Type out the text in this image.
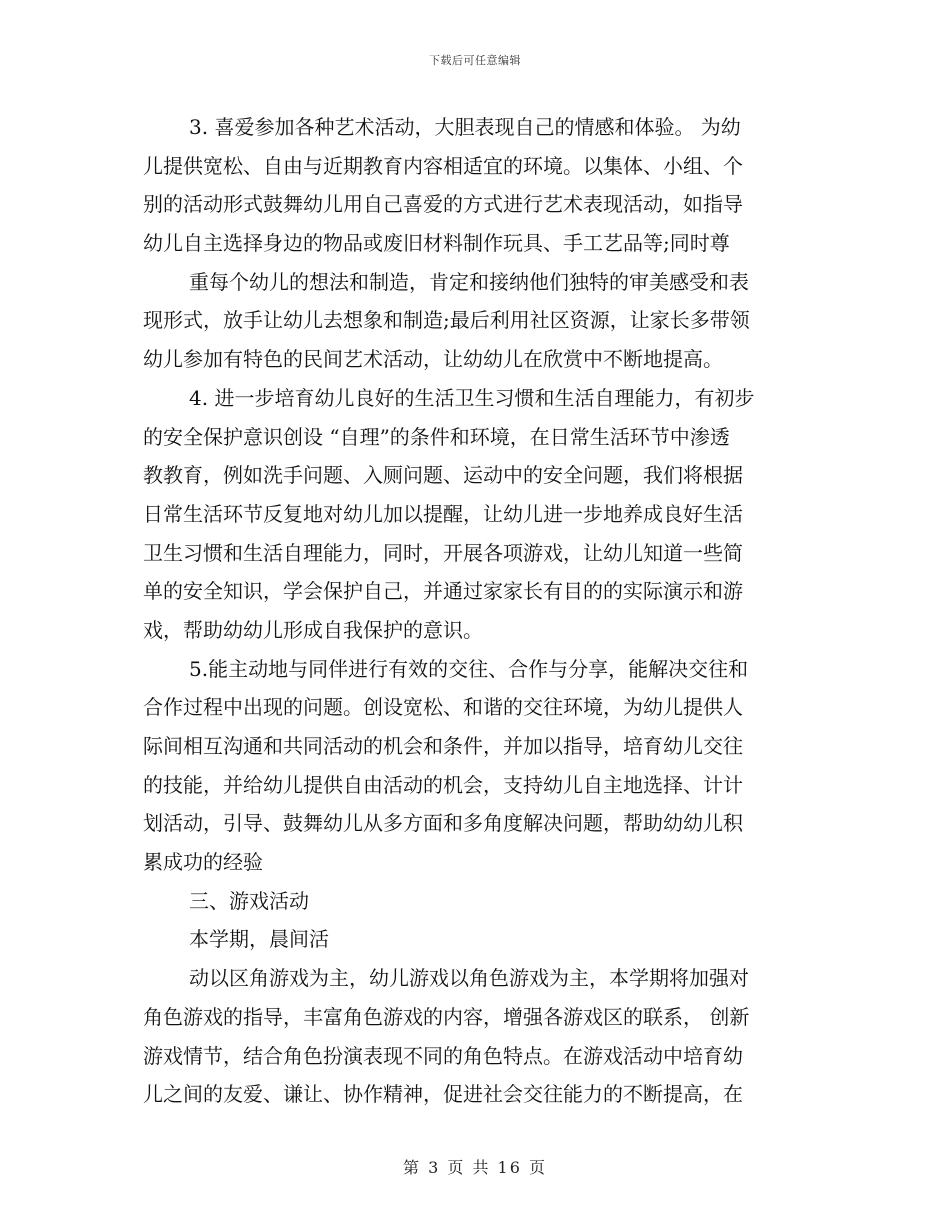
下载后可任意编辑
3. 喜爱参加各种艺术活动，大胆表现自己的情感和体验。 为幼
儿提供宽松、自由与近期教育内容相适宜的环境。以集体、小组、个
别的活动形式鼓舞幼儿用自己喜爱的方式进行艺术表现活动，如指导
幼儿自主选择身边的物品或废旧材料制作玩具、手工艺品等;同时尊
重每个幼儿的想法和制造，肯定和接纳他们独特的审美感受和表
现形式，放手让幼儿去想象和制造;最后利用社区资源，让家长多带领
幼儿参加有特色的民间艺术活动，让幼幼儿在欣赏中不断地提高。
4. 进一步培育幼儿良好的生活卫生习惯和生活自理能力，有初步
的安全保护意识创设 “自理”的条件和环境，在日常生活环节中渗透
教教育，例如洗手问题、入厕问题、运动中的安全问题，我们将根据
日常生活环节反复地对幼儿加以提醒，让幼儿进一步地养成良好生活
卫生习惯和生活自理能力，同时，开展各项游戏，让幼儿知道一些简
单的安全知识，学会保护自己，并通过家家长有目的的实际演示和游
戏，帮助幼幼儿形成自我保护的意识。
5.能主动地与同伴进行有效的交往、合作与分享，能解决交往和
合作过程中出现的问题。创设宽松、和谐的交往环境，为幼儿提供人
际间相互沟通和共同活动的机会和条件，并加以指导，培育幼儿交往
的技能，并给幼儿提供自由活动的机会，支持幼儿自主地选择、计计
划活动，引导、鼓舞幼儿从多方面和多角度解决问题，帮助幼幼儿积
累成功的经验
三、游戏活动
本学期，晨间活
动以区角游戏为主，幼儿游戏以角色游戏为主，本学期将加强对
角色游戏的指导，丰富角色游戏的内容，增强各游戏区的联系， 创新
游戏情节，结合角色扮演表现不同的角色特点。在游戏活动中培育幼
儿之间的友爱、谦让、协作精神，促进社会交往能力的不断提高，在
第 3 页 共 16 页
